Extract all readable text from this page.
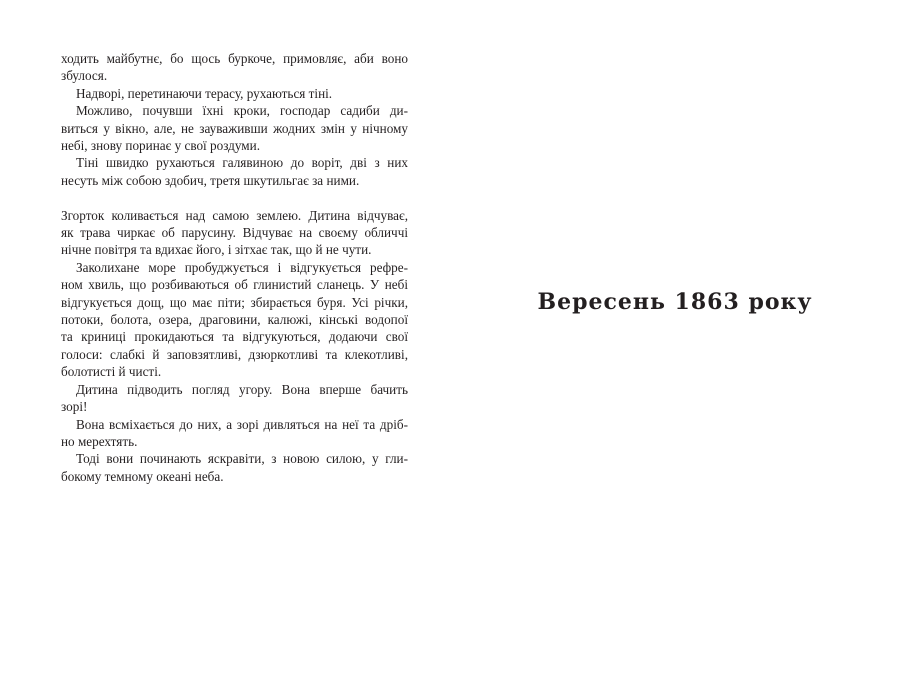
ходить майбутнє, бо щось буркоче, примовляє, аби воно
збулося.
Надворі, перетинаючи терасу, рухаються тіні.
Можливо, почувши їхні кроки, господар садиби ди-
виться у вікно, але, не зауваживши жодних змін у нічному
небі, знову поринає у свої роздуми.
Тіні швидко рухаються галявиною до воріт, дві з них
несуть між собою здобич, третя шкутильгає за ними.
Згорток коливається над самою землею. Дитина відчуває,
як трава чиркає об парусину. Відчуває на своєму обличчі
нічне повітря та вдихає його, і зітхає так, що й не чути.
Заколихане море пробуджується і відгукується рефре-
ном хвиль, що розбиваються об глинистий сланець. У небі
відгукується дощ, що має піти; збирається буря. Усі річки,
потоки, болота, озера, драговини, калюжі, кінські водопої
та криниці прокидаються та відгукуються, додаючи свої
голоси: слабкі й заповзятливі, дзюркотливі та клекотливі,
болотисті й чисті.
Дитина підводить погляд угору. Вона вперше бачить
зорі!
Вона всміхається до них, а зорі дивляться на неї та дріб-
но мерехтять.
Тоді вони починають яскравіти, з новою силою, у гли-
бокому темному океані неба.
Вересень 1863 року
